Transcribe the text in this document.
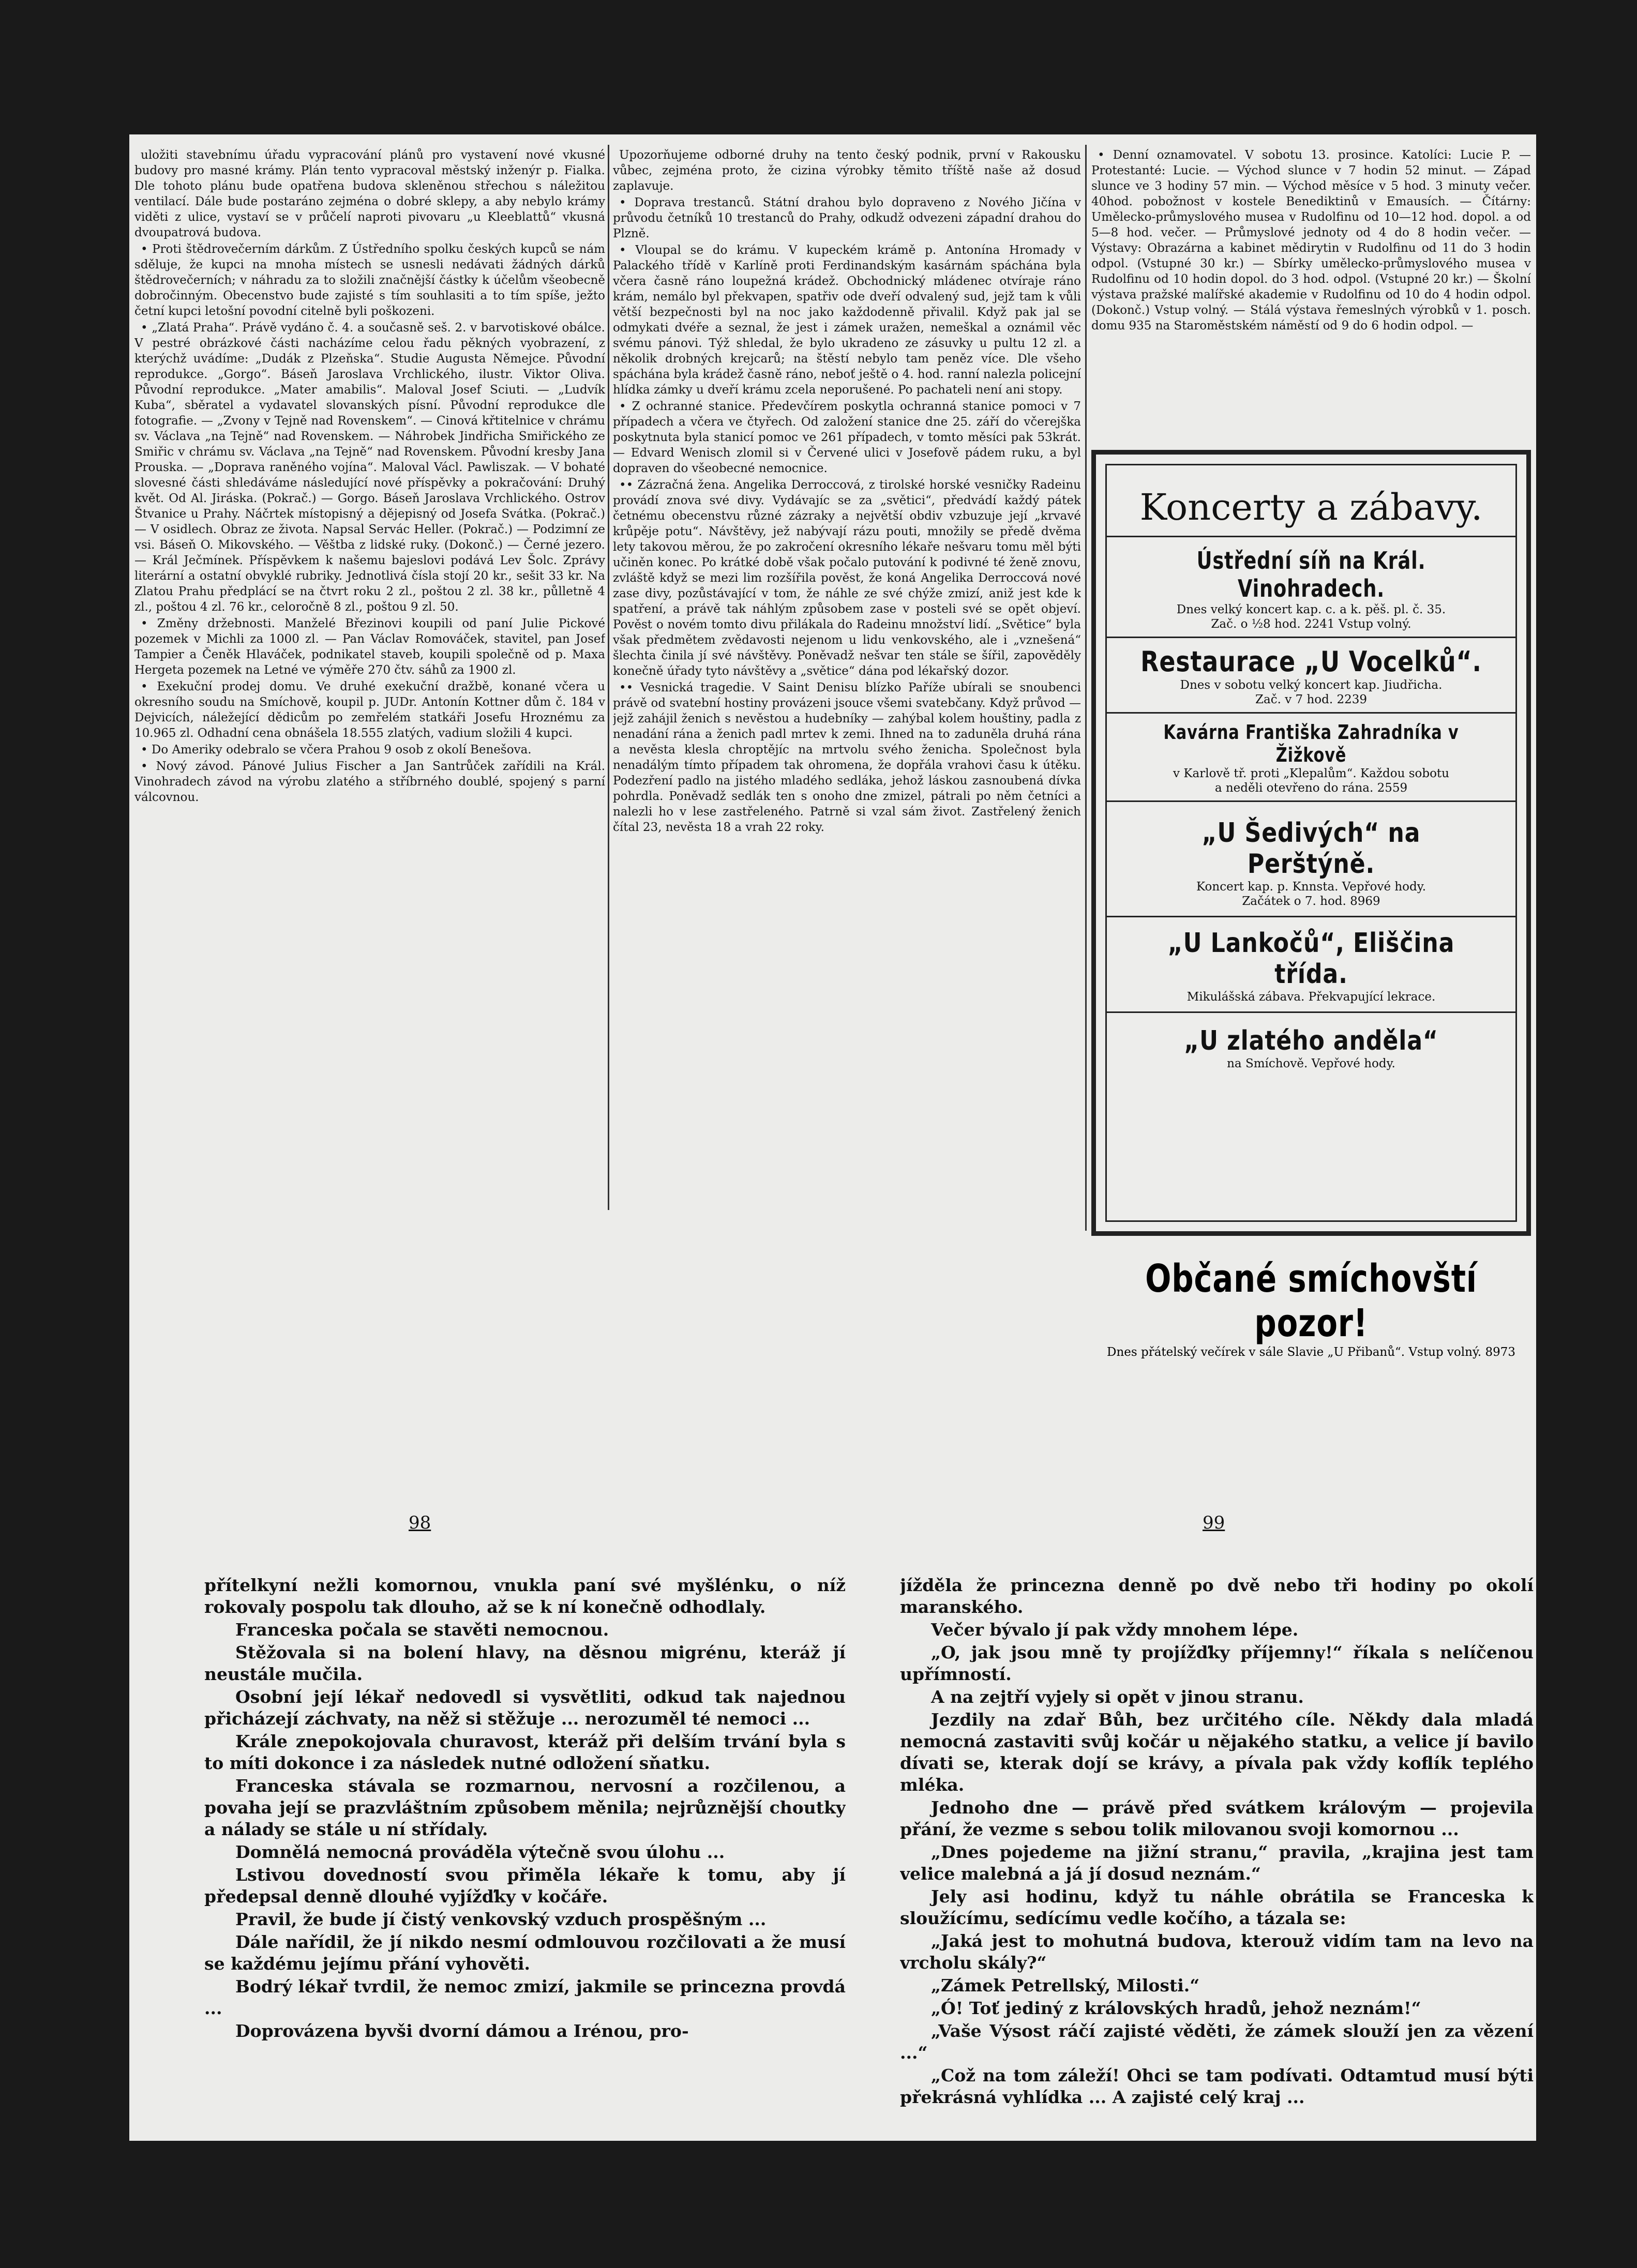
uložiti stavebnímu úřadu vypracování plánů pro vystavení nové vkusné budovy pro masné krámy. Plán tento vypracoval městský inženýr p. Fialka. Dle tohoto plánu bude opatřena budova skleněnou střechou s náležitou ventilací. Dále bude postaráno zejména o dobré sklepy, a aby nebylo krámy viděti z ulice, vystaví se v průčelí naproti pivovaru „u Kleeblattů“ vkusná dvoupatrová budova.

• Proti štědrovečerním dárkům. Z Ústředního spolku českých kupců se nám sděluje, že kupci na mnoha místech se usnesli nedávati žádných dárků štědrovečerních; v náhradu za to složili značnější částky k účelům všeobecně dobročinným. Obecenstvo bude zajisté s tím souhlasiti a to tím spíše, ježto četní kupci letošní povodní citelně byli poškozeni.

• „Zlatá Praha“. Právě vydáno č. 4. a současně seš. 2. v barvotiskové obálce. V pestré obrázkové části nacházíme celou řadu pěkných vyobrazení, z kterýchž uvádíme: „Dudák z Plzeňska“. Studie Augusta Němejce. Původní reprodukce. „Gorgo“. Báseň Jaroslava Vrchlického, ilustr. Viktor Oliva. Původní reprodukce. „Mater amabilis“. Maloval Josef Sciuti. — „Ludvík Kuba“, sběratel a vydavatel slovanských písní. Původní reprodukce dle fotografie. — „Zvony v Tejně nad Rovenskem“. — Cinová křtitelnice v chrámu sv. Václava „na Tejně“ nad Rovenskem. — Náhrobek Jindřicha Smiřického ze Smiřic v chrámu sv. Václava „na Tejně“ nad Rovenskem. Původní kresby Jana Prouska. — „Doprava raněného vojína“. Maloval Václ. Pawliszak. — V bohaté slovesné části shledáváme následující nové příspěvky a pokračování: Druhý květ. Od Al. Jiráska. (Pokrač.) — Gorgo. Báseň Jaroslava Vrchlického. Ostrov Štvanice u Prahy. Náčrtek místopisný a dějepisný od Josefa Svátka. (Pokrač.) — V osidlech. Obraz ze života. Napsal Servác Heller. (Pokrač.) — Podzimní ze vsi. Báseň O. Mikovského. — Věštba z lidské ruky. (Dokonč.) — Černé jezero. — Král Ječmínek. Příspěvkem k našemu bajeslovi podává Lev Šolc. Zprávy literární a ostatní obvyklé rubriky. Jednotlivá čísla stojí 20 kr., sešit 33 kr. Na Zlatou Prahu předplácí se na čtvrt roku 2 zl., poštou 2 zl. 38 kr., půlletně 4 zl., poštou 4 zl. 76 kr., celoročně 8 zl., poštou 9 zl. 50.

• Změny držebnosti. Manželé Březinovi koupili od paní Julie Pickové pozemek v Michli za 1000 zl. — Pan Václav Romováček, stavitel, pan Josef Tampier a Čeněk Hlaváček, podnikatel staveb, koupili společně od p. Maxa Hergeta pozemek na Letné ve výměře 270 čtv. sáhů za 1900 zl.

• Exekuční prodej domu. Ve druhé exekuční dražbě, konané včera u okresního soudu na Smíchově, koupil p. JUDr. Antonín Kottner dům č. 184 v Dejvicích, náležející dědicům po zemřelém statkáři Josefu Hroznému za 10.965 zl. Odhadní cena obnášela 18.555 zlatých, vadium složili 4 kupci.

• Do Ameriky odebralo se včera Prahou 9 osob z okolí Benešova.

• Nový závod. Pánové Julius Fischer a Jan Santrůček zařídili na Král. Vinohradech závod na výrobu zlatého a stříbrného doublé, spojený s parní válcovnou.

Upozorňujeme odborné druhy na tento český podnik, první v Rakousku vůbec, zejména proto, že cizina výrobky těmito tříště naše až dosud zaplavuje.

• Doprava trestanců. Státní drahou bylo dopraveno z Nového Jičína v průvodu četníků 10 trestanců do Prahy, odkudž odvezeni západní drahou do Plzně.

• Vloupal se do krámu. V kupeckém krámě p. Antonína Hromady v Palackého třídě v Karlíně proti Ferdinandským kasárnám spáchána byla včera časně ráno loupežná krádež. Obchodnický mládenec otvíraje ráno krám, nemálo byl překvapen, spatřiv ode dveří odvalený sud, jejž tam k vůli větší bezpečnosti byl na noc jako každodenně přivalil. Když pak jal se odmykati dvéře a seznal, že jest i zámek uražen, nemeškal a oznámil věc svému pánovi. Týž shledal, že bylo ukradeno ze zásuvky u pultu 12 zl. a několik drobných krejcarů; na štěstí nebylo tam peněz více. Dle všeho spáchána byla krádež časně ráno, neboť ještě o 4. hod. ranní nalezla policejní hlídka zámky u dveří krámu zcela neporušené. Po pachateli není ani stopy.

• Z ochranné stanice. Předevčírem poskytla ochranná stanice pomoci v 7 případech a včera ve čtyřech. Od založení stanice dne 25. září do včerejška poskytnuta byla stanicí pomoc ve 261 případech, v tomto měsíci pak 53krát. — Edvard Wenisch zlomil si v Červené ulici v Josefově pádem ruku, a byl dopraven do všeobecné nemocnice.

•• Zázračná žena. Angelika Derroccová, z tirolské horské vesničky Radeinu provádí znova své divy. Vydávajíc se za „světici“, předvádí každý pátek četnému obecenstvu různé zázraky a největší obdiv vzbuzuje její „krvavé krůpěje potu“. Návštěvy, jež nabývají rázu pouti, množily se předě dvěma lety takovou měrou, že po zakročení okresního lékaře nešvaru tomu měl býti učiněn konec. Po krátké době však počalo putování k podivné té ženě znovu, zvláště když se mezi lim rozšířila pověst, že koná Angelika Derroccová nové zase divy, pozůstávající v tom, že náhle ze své chýže zmizí, aniž jest kde k spatření, a právě tak náhlým způsobem zase v posteli své se opět objeví. Pověst o novém tomto divu přilákala do Radeinu množství lidí. „Světice“ byla však předmětem zvědavosti nejenom u lidu venkovského, ale i „vznešená“ šlechta činila jí své návštěvy. Poněvadž nešvar ten stále se šířil, zapověděly konečně úřady tyto návštěvy a „světice“ dána pod lékařský dozor.

•• Vesnická tragedie. V Saint Denisu blízko Paříže ubírali se snoubenci právě od svatební hostiny provázeni jsouce všemi svatebčany. Když průvod — jejž zahájil ženich s nevěstou a hudebníky — zahýbal kolem houštiny, padla z nenadání rána a ženich padl mrtev k zemi. Ihned na to zaduněla druhá rána a nevěsta klesla chroptějíc na mrtvolu svého ženicha. Společnost byla nenadálým tímto případem tak ohromena, že dopřála vrahovi času k útěku. Podezření padlo na jistého mladého sedláka, jehož láskou zasnoubená dívka pohrdla. Poněvadž sedlák ten s onoho dne zmizel, pátrali po něm četníci a nalezli ho v lese zastřeleného. Patrně si vzal sám život. Zastřelený ženich čítal 23, nevěsta 18 a vrah 22 roky.

• Denní oznamovatel. V sobotu 13. prosince. Katolíci: Lucie P. — Protestanté: Lucie. — Východ slunce v 7 hodin 52 minut. — Západ slunce ve 3 hodiny 57 min. — Východ měsíce v 5 hod. 3 minuty večer. 40hod. pobožnost v kostele Benediktinů v Emausích. — Čítárny: Umělecko-průmyslového musea v Rudolfinu od 10—12 hod. dopol. a od 5—8 hod. večer. — Průmyslové jednoty od 4 do 8 hodin večer. — Výstavy: Obrazárna a kabinet mědirytin v Rudolfinu od 11 do 3 hodin odpol. (Vstupné 30 kr.) — Sbírky umělecko-průmyslového musea v Rudolfinu od 10 hodin dopol. do 3 hod. odpol. (Vstupné 20 kr.) — Školní výstava pražské malířské akademie v Rudolfinu od 10 do 4 hodin odpol. (Dokonč.) Vstup volný. — Stálá výstava řemeslných výrobků v 1. posch. domu 935 na Staroměstském náměstí od 9 do 6 hodin odpol. —

Koncerty a zábavy.
Ústřední síň na Král. Vinohradech.
Dnes velký koncert kap. c. a k. pěš. pl. č. 35.
Zač. o ½8 hod. 2241 Vstup volný.
Restaurace „U Vocelků“.
Dnes v sobotu velký koncert kap. Jiudřicha.
Zač. v 7 hod. 2239
Kavárna Františka Zahradníka v Žižkově
v Karlově tř. proti „Klepalům“. Každou sobotu
a neděli otevřeno do rána. 2559
„U Šedivých“ na Perštýně.
Koncert kap. p. Knnsta. Vepřové hody.
Začátek o 7. hod. 8969
„U Lankočů“, Eliščina třída.
Mikulášská zábava. Překvapující lekrace.
„U zlatého anděla“
na Smíchově. Vepřové hody.
Občané smíchovští pozor!
Dnes přátelský večírek v sále Slavie „U Přibanů“. Vstup volný. 8973
98	99

přítelkyní nežli komornou, vnukla paní své myšlénku, o níž rokovaly pospolu tak dlouho, až se k ní konečně odhodlaly.

Franceska počala se stavěti nemocnou.

Stěžovala si na bolení hlavy, na děsnou migrénu, kteráž jí neustále mučila.

Osobní její lékař nedovedl si vysvětliti, odkud tak najednou přicházejí záchvaty, na něž si stěžuje ... nerozuměl té nemoci ...

Krále znepokojovala churavost, kteráž při delším trvání byla s to míti dokonce i za následek nutné odložení sňatku.

Franceska stávala se rozmarnou, nervosní a rozčilenou, a povaha její se prazvláštním způsobem měnila; nejrůznější choutky a nálady se stále u ní střídaly.

Domnělá nemocná prováděla výtečně svou úlohu ...

Lstivou dovedností svou přiměla lékaře k tomu, aby jí předepsal denně dlouhé vyjížďky v kočáře.

Pravil, že bude jí čistý venkovský vzduch prospěšným ...

Dále nařídil, že jí nikdo nesmí odmlouvou rozčilovati a že musí se každému jejímu přání vyhověti.

Bodrý lékař tvrdil, že nemoc zmizí, jakmile se princezna provdá ...

Doprovázena byvši dvorní dámou a Irénou, pro-

jížděla že princezna denně po dvě nebo tři hodiny po okolí maranského.

Večer bývalo jí pak vždy mnohem lépe.

„O, jak jsou mně ty projížďky příjemny!“ říkala s nelíčenou upřímností.

A na zejtří vyjely si opět v jinou stranu.

Jezdily na zdař Bůh, bez určitého cíle. Někdy dala mladá nemocná zastaviti svůj kočár u nějakého statku, a velice jí bavilo dívati se, kterak dojí se krávy, a pívala pak vždy koflík teplého mléka.

Jednoho dne — právě před svátkem královým — projevila přání, že vezme s sebou tolik milovanou svoji komornou ...

„Dnes pojedeme na jižní stranu,“ pravila, „krajina jest tam velice malebná a já jí dosud neznám.“

Jely asi hodinu, když tu náhle obrátila se Franceska k sloužícímu, sedícímu vedle kočího, a tázala se:

„Jaká jest to mohutná budova, kterouž vidím tam na levo na vrcholu skály?“

„Zámek Petrellský, Milosti.“

„Ó! Toť jediný z královských hradů, jehož neznám!“

„Vaše Výsost ráčí zajisté věděti, že zámek slouží jen za vězení ...“

„Což na tom záleží! Ohci se tam podívati. Odtamtud musí býti překrásná vyhlídka ... A zajisté celý kraj ...
